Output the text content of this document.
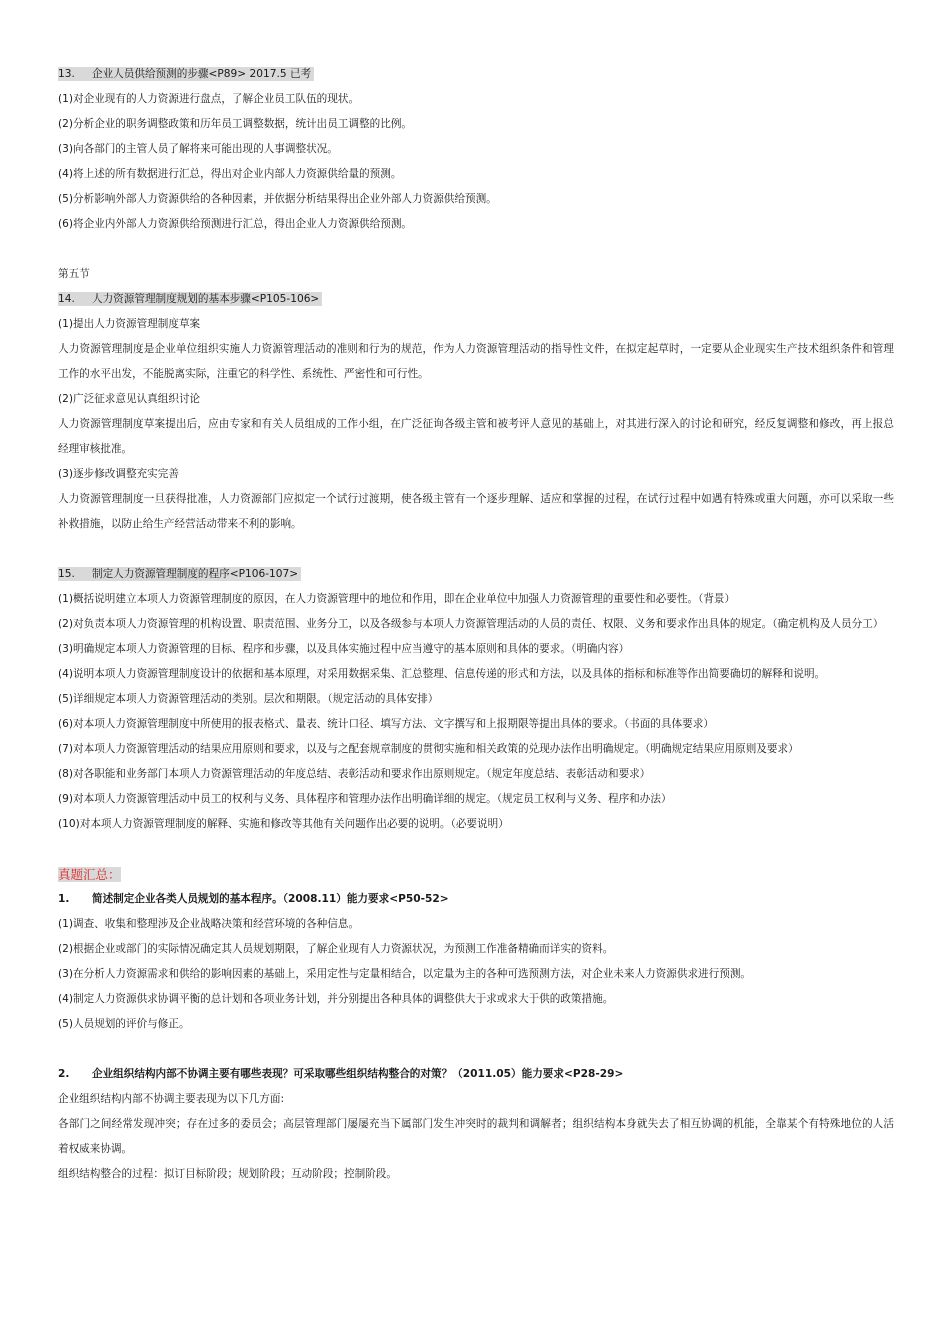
13. 企业人员供给预测的步骤<P89> 2017.5 已考
(1)对企业现有的人力资源进行盘点，了解企业员工队伍的现状。
(2)分析企业的职务调整政策和历年员工调整数据，统计出员工调整的比例。
(3)向各部门的主管人员了解将来可能出现的人事调整状况。
(4)将上述的所有数据进行汇总，得出对企业内部人力资源供给量的预测。
(5)分析影响外部人力资源供给的各种因素，并依据分析结果得出企业外部人力资源供给预测。
(6)将企业内外部人力资源供给预测进行汇总，得出企业人力资源供给预测。
第五节
14. 人力资源管理制度规划的基本步骤<P105-106>
(1)提出人力资源管理制度草案
人力资源管理制度是企业单位组织实施人力资源管理活动的准则和行为的规范，作为人力资源管理活动的指导性文件，在拟定起草时，一定要从企业现实生产技术组织条件和管理工作的水平出发，不能脱离实际，注重它的科学性、系统性、严密性和可行性。
(2)广泛征求意见认真组织讨论
人力资源管理制度草案提出后，应由专家和有关人员组成的工作小组，在广泛征询各级主管和被考评人意见的基础上，对其进行深入的讨论和研究，经反复调整和修改，再上报总经理审核批准。
(3)逐步修改调整充实完善
人力资源管理制度一旦获得批准，人力资源部门应拟定一个试行过渡期，使各级主管有一个逐步理解、适应和掌握的过程，在试行过程中如遇有特殊或重大问题，亦可以采取一些补救措施，以防止给生产经营活动带来不利的影响。
15. 制定人力资源管理制度的程序<P106-107>
(1)概括说明建立本项人力资源管理制度的原因，在人力资源管理中的地位和作用，即在企业单位中加强人力资源管理的重要性和必要性。（背景）
(2)对负责本项人力资源管理的机构设置、职责范围、业务分工，以及各级参与本项人力资源管理活动的人员的责任、权限、义务和要求作出具体的规定。（确定机构及人员分工）
(3)明确规定本项人力资源管理的目标、程序和步骤，以及具体实施过程中应当遵守的基本原则和具体的要求。（明确内容）
(4)说明本项人力资源管理制度设计的依据和基本原理，对采用数据采集、汇总整理、信息传递的形式和方法，以及具体的指标和标准等作出简要确切的解释和说明。
(5)详细规定本项人力资源管理活动的类别。层次和期限。（规定活动的具体安排）
(6)对本项人力资源管理制度中所使用的报表格式、量表、统计口径、填写方法、文字撰写和上报期限等提出具体的要求。（书面的具体要求）
(7)对本项人力资源管理活动的结果应用原则和要求，以及与之配套规章制度的贯彻实施和相关政策的兑现办法作出明确规定。（明确规定结果应用原则及要求）
(8)对各职能和业务部门本项人力资源管理活动的年度总结、表彰活动和要求作出原则规定。（规定年度总结、表彰活动和要求）
(9)对本项人力资源管理活动中员工的权利与义务、具体程序和管理办法作出明确详细的规定。（规定员工权利与义务、程序和办法）
(10)对本项人力资源管理制度的解释、实施和修改等其他有关问题作出必要的说明。（必要说明）
真题汇总：
1. 简述制定企业各类人员规划的基本程序。（2008.11）能力要求<P50-52>
(1)调查、收集和整理涉及企业战略决策和经营环境的各种信息。
(2)根据企业或部门的实际情况确定其人员规划期限，了解企业现有人力资源状况，为预测工作准备精确而详实的资料。
(3)在分析人力资源需求和供给的影响因素的基础上，采用定性与定量相结合，以定量为主的各种可选预测方法，对企业未来人力资源供求进行预测。
(4)制定人力资源供求协调平衡的总计划和各项业务计划，并分别提出各种具体的调整供大于求或求大于供的政策措施。
(5)人员规划的评价与修正。
2. 企业组织结构内部不协调主要有哪些表现？可采取哪些组织结构整合的对策？（2011.05）能力要求<P28-29>
企业组织结构内部不协调主要表现为以下几方面:
各部门之间经常发现冲突；存在过多的委员会；高层管理部门屡屡充当下属部门发生冲突时的裁判和调解者；组织结构本身就失去了相互协调的机能，全靠某个有特殊地位的人活着权威来协调。
组织结构整合的过程：拟订目标阶段；规划阶段；互动阶段；控制阶段。
